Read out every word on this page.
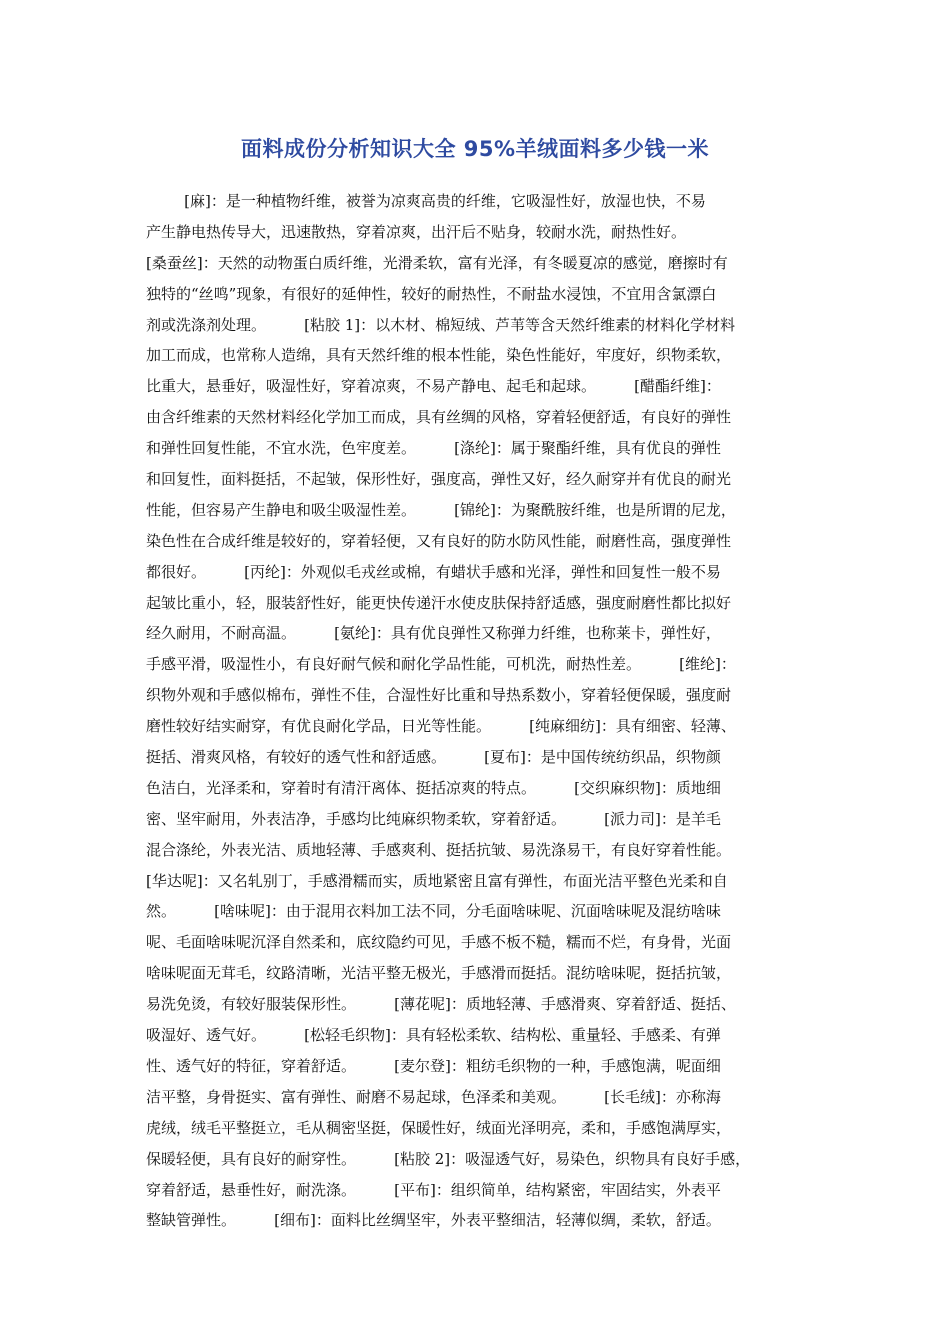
面料成份分析知识大全 95%羊绒面料多少钱一米
[麻]：是一种植物纤维，被誉为凉爽高贵的纤维，它吸湿性好，放湿也快，不易
产生静电热传导大，迅速散热，穿着凉爽，出汗后不贴身，较耐水洗，耐热性好。
[桑蚕丝]：天然的动物蛋白质纤维，光滑柔软，富有光泽，有冬暖夏凉的感觉，磨擦时有
独特的“丝鸣”现象，有很好的延伸性，较好的耐热性，不耐盐水浸蚀，不宜用含氯漂白
剂或洗涤剂处理。        [粘胶 1]：以木材、棉短绒、芦苇等含天然纤维素的材料化学材料
加工而成，也常称人造绵，具有天然纤维的根本性能，染色性能好，牢度好，织物柔软，
比重大，悬垂好，吸湿性好，穿着凉爽，不易产静电、起毛和起球。        [醋酯纤维]：
由含纤维素的天然材料经化学加工而成，具有丝绸的风格，穿着轻便舒适，有良好的弹性
和弹性回复性能，不宜水洗，色牢度差。        [涤纶]：属于聚酯纤维，具有优良的弹性
和回复性，面料挺括，不起皱，保形性好，强度高，弹性又好，经久耐穿并有优良的耐光
性能，但容易产生静电和吸尘吸湿性差。        [锦纶]：为聚酰胺纤维，也是所谓的尼龙，
染色性在合成纤维是较好的，穿着轻便，又有良好的防水防风性能，耐磨性高，强度弹性
都很好。        [丙纶]：外观似毛戎丝或棉，有蜡状手感和光泽，弹性和回复性一般不易
起皱比重小，轻，服装舒性好，能更快传递汗水使皮肤保持舒适感，强度耐磨性都比拟好
经久耐用，不耐高温。        [氨纶]：具有优良弹性又称弹力纤维，也称莱卡，弹性好，
手感平滑，吸湿性小，有良好耐气候和耐化学品性能，可机洗，耐热性差。        [维纶]：
织物外观和手感似棉布，弹性不佳，合湿性好比重和导热系数小，穿着轻便保暖，强度耐
磨性较好结实耐穿，有优良耐化学品，日光等性能。        [纯麻细纺]：具有细密、轻薄、
挺括、滑爽风格，有较好的透气性和舒适感。        [夏布]：是中国传统纺织品，织物颜
色洁白，光泽柔和，穿着时有清汗离体、挺括凉爽的特点。        [交织麻织物]：质地细
密、坚牢耐用，外表洁净，手感均比纯麻织物柔软，穿着舒适。        [派力司]：是羊毛
混合涤纶，外表光洁、质地轻薄、手感爽利、挺括抗皱、易洗涤易干，有良好穿着性能。
[华达呢]：又名轧别丁，手感滑糯而实，质地紧密且富有弹性，布面光洁平整色光柔和自
然。        [啥味呢]：由于混用衣料加工法不同，分毛面啥味呢、沉面啥味呢及混纺啥味
呢、毛面啥味呢沉泽自然柔和，底纹隐约可见，手感不板不糙，糯而不烂，有身骨，光面
啥味呢面无茸毛，纹路清晰，光洁平整无极光，手感滑而挺括。混纺啥味呢，挺括抗皱，
易洗免烫，有较好服装保形性。        [薄花呢]：质地轻薄、手感滑爽、穿着舒适、挺括、
吸湿好、透气好。        [松轻毛织物]：具有轻松柔软、结构松、重量轻、手感柔、有弹
性、透气好的特征，穿着舒适。        [麦尔登]：粗纺毛织物的一种，手感饱满，呢面细
洁平整，身骨挺实、富有弹性、耐磨不易起球，色泽柔和美观。        [长毛绒]：亦称海
虎绒，绒毛平整挺立，毛从稠密坚挺，保暖性好，绒面光泽明亮，柔和，手感饱满厚实，
保暖轻便，具有良好的耐穿性。        [粘胶 2]：吸湿透气好，易染色，织物具有良好手感，
穿着舒适，悬垂性好，耐洗涤。        [平布]：组织简单，结构紧密，牢固结实，外表平
整缺管弹性。        [细布]：面料比丝绸坚牢，外表平整细洁，轻薄似绸，柔软，舒适。
